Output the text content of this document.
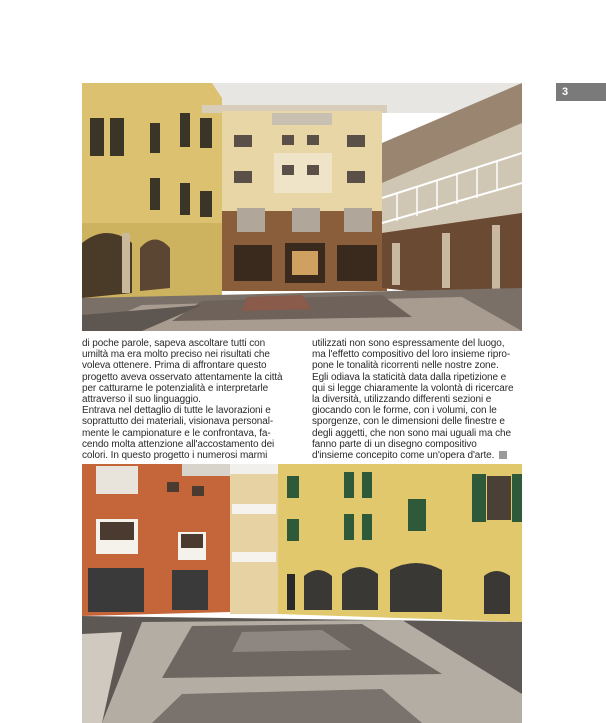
3
di poche parole, sapeva ascoltare tutti con
umiltà ma era molto preciso nei risultati che
voleva ottenere. Prima di affrontare questo
progetto aveva osservato attentamente la città
per catturarne le potenzialità e interpretarle
attraverso il suo linguaggio.
Entrava nel dettaglio di tutte le lavorazioni e
soprattutto dei materiali, visionava personal-
mente le campionature e le confrontava, fa-
cendo molta attenzione all'accostamento dei
colori. In questo progetto i numerosi marmi
utilizzati non sono espressamente del luogo,
ma l'effetto compositivo del loro insieme ripro-
pone le tonalità ricorrenti nelle nostre zone.
Egli odiava la staticità data dalla ripetizione e
qui si legge chiaramente la volontà di ricercare
la diversità, utilizzando differenti sezioni e
giocando con le forme, con i volumi, con le
sporgenze, con le dimensioni delle finestre e
degli aggetti, che non sono mai uguali ma che
fanno parte di un disegno compositivo
d'insieme concepito come un'opera d'arte.
